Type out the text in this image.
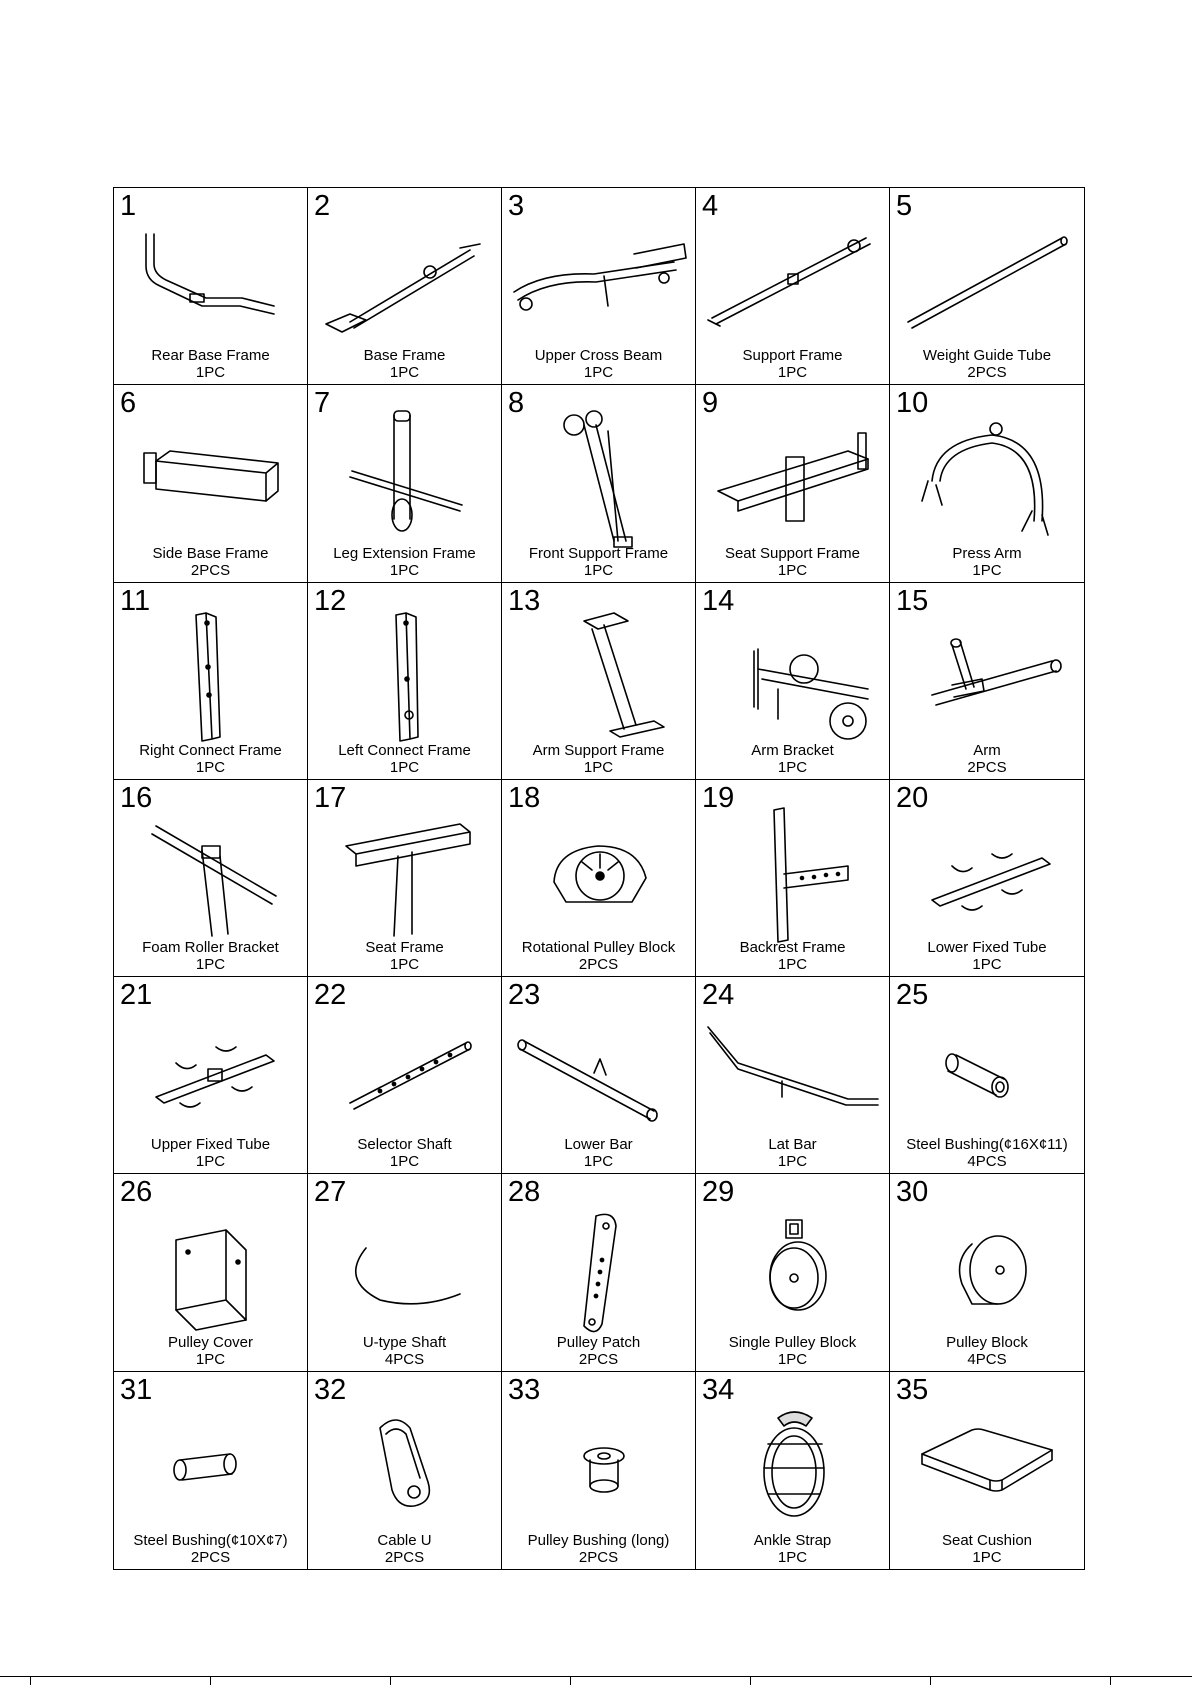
1
Rear Base Frame
1PC
2
Base Frame
1PC
3
Upper Cross Beam
1PC
4
Support Frame
1PC
5
Weight Guide Tube
2PCS
6
Side Base Frame
2PCS
7
Leg Extension Frame
1PC
8
Front Support Frame
1PC
9
Seat Support Frame
1PC
10
Press Arm
1PC
11
Right Connect Frame
1PC
12
Left Connect Frame
1PC
13
Arm Support Frame
1PC
14
Arm Bracket
1PC
15
Arm
2PCS
16
Foam Roller Bracket
1PC
17
Seat Frame
1PC
18
Rotational Pulley Block
2PCS
19
Backrest Frame
1PC
20
Lower Fixed Tube
1PC
21
Upper Fixed Tube
1PC
22
Selector Shaft
1PC
23
Lower Bar
1PC
24
Lat Bar
1PC
25
Steel Bushing(¢16X¢11)
4PCS
26
Pulley Cover
1PC
27
U-type Shaft
4PCS
28
Pulley Patch
2PCS
29
Single Pulley Block
1PC
30
Pulley Block
4PCS
31
Steel Bushing(¢10X¢7)
2PCS
32
Cable U
2PCS
33
Pulley Bushing (long)
2PCS
34
Ankle Strap
1PC
35
Seat Cushion
1PC
